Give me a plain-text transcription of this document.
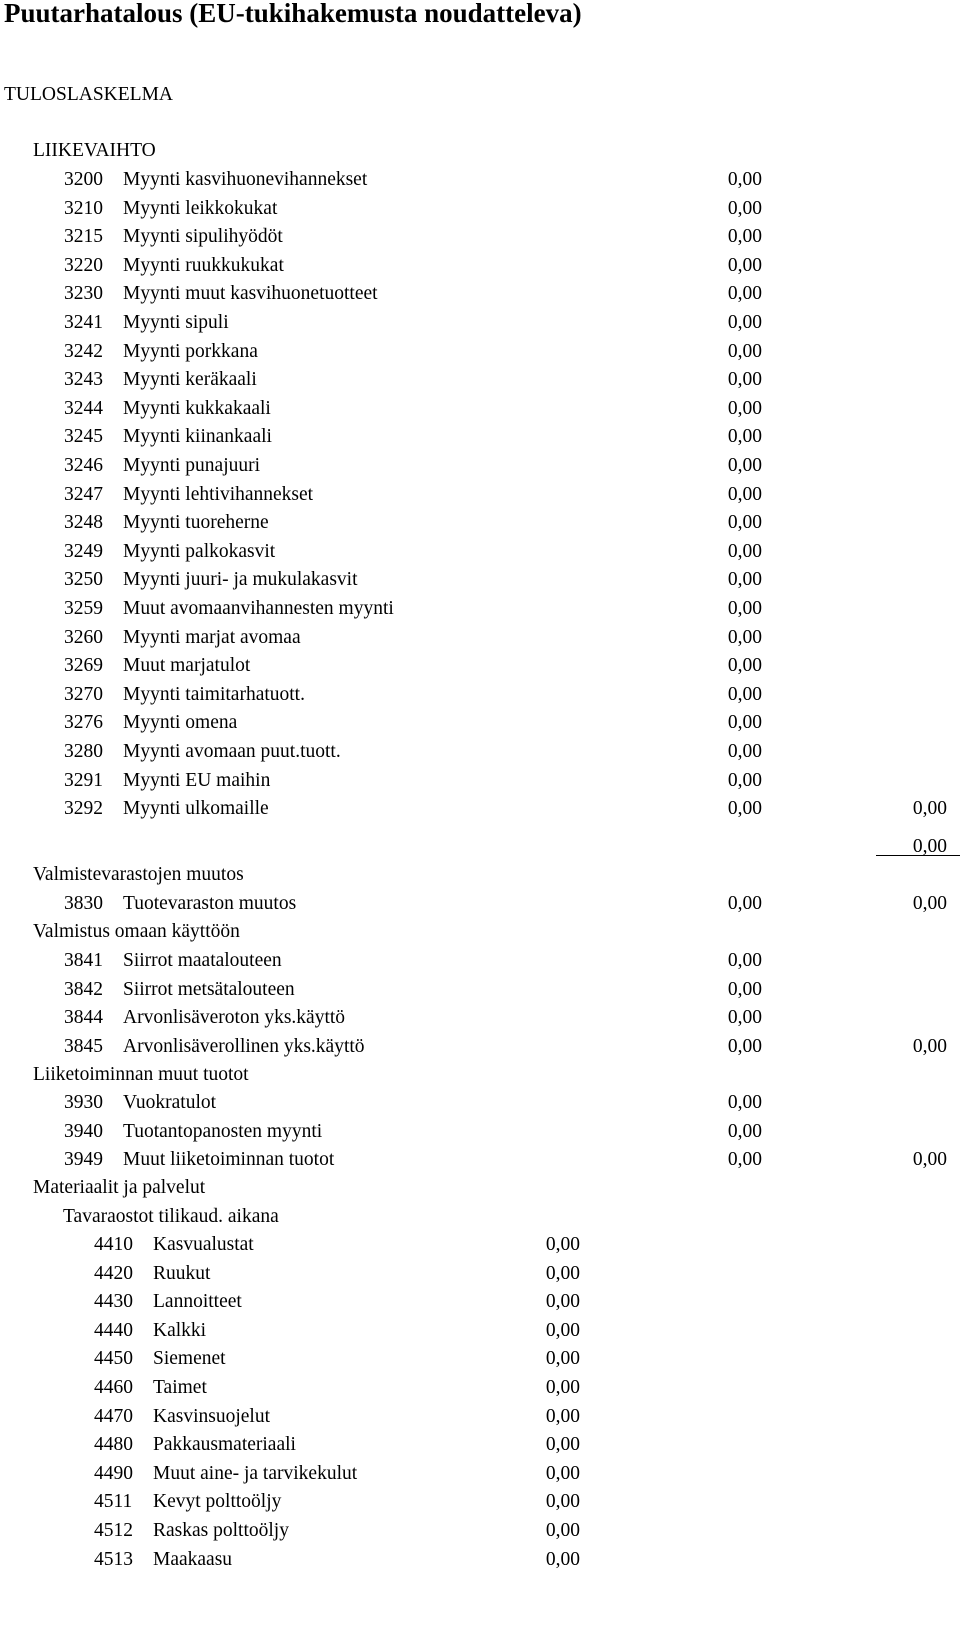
Puutarhatalous (EU-tukihakemusta noudatteleva)
TULOSLASKELMA
LIIKEVAIHTO
3200 Myynti kasvihuonevihannekset	0,00
3210 Myynti leikkokukat	0,00
3215 Myynti sipulihyödöt	0,00
3220 Myynti ruukkukukat	0,00
3230 Myynti muut kasvihuonetuotteet	0,00
3241 Myynti sipuli	0,00
3242 Myynti porkkana	0,00
3243 Myynti keräkaali	0,00
3244 Myynti kukkakaali	0,00
3245 Myynti kiinankaali	0,00
3246 Myynti punajuuri	0,00
3247 Myynti lehtivihannekset	0,00
3248 Myynti tuoreherne	0,00
3249 Myynti palkokasvit	0,00
3250 Myynti juuri- ja mukulakasvit	0,00
3259 Muut avomaanvihannesten myynti	0,00
3260 Myynti marjat avomaa	0,00
3269 Muut marjatulot	0,00
3270 Myynti taimitarhatuott.	0,00
3276 Myynti omena	0,00
3280 Myynti avomaan puut.tuott.	0,00
3291 Myynti EU maihin	0,00
3292 Myynti ulkomaille	0,00	0,00
0,00
Valmistevarastojen muutos
3830 Tuotevaraston muutos	0,00	0,00
Valmistus omaan käyttöön
3841 Siirrot maatalouteen	0,00
3842 Siirrot metsätalouteen	0,00
3844 Arvonlisäveroton yks.käyttö	0,00
3845 Arvonlisäverollinen yks.käyttö	0,00	0,00
Liiketoiminnan muut tuotot
3930 Vuokratulot	0,00
3940 Tuotantopanosten myynti	0,00
3949 Muut liiketoiminnan tuotot	0,00	0,00
Materiaalit ja palvelut
Tavaraostot tilikaud. aikana
4410 Kasvualustat	0,00
4420 Ruukut	0,00
4430 Lannoitteet	0,00
4440 Kalkki	0,00
4450 Siemenet	0,00
4460 Taimet	0,00
4470 Kasvinsuojelut	0,00
4480 Pakkausmateriaali	0,00
4490 Muut aine- ja tarvikekulut	0,00
4511 Kevyt polttoöljy	0,00
4512 Raskas polttoöljy	0,00
4513 Maakaasu	0,00
